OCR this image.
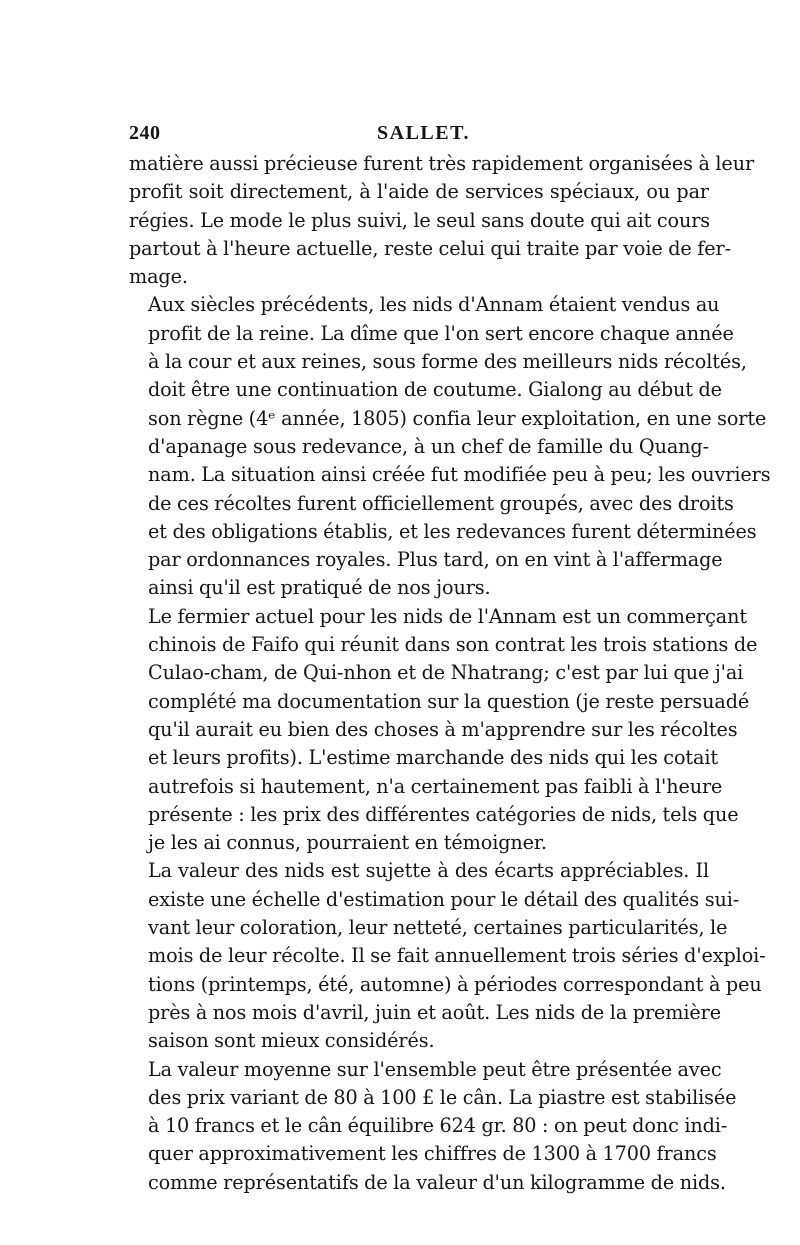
240	SALLET.

matière aussi précieuse furent très rapidement organisées à leur
profit soit directement, à l'aide de services spéciaux, ou par
régies. Le mode le plus suivi, le seul sans doute qui ait cours
partout à l'heure actuelle, reste celui qui traite par voie de fer-
mage.

Aux siècles précédents, les nids d'Annam étaient vendus au
profit de la reine. La dîme que l'on sert encore chaque année
à la cour et aux reines, sous forme des meilleurs nids récoltés,
doit être une continuation de coutume. Gialong au début de
son règne (4ᵉ année, 1805) confia leur exploitation, en une sorte
d'apanage sous redevance, à un chef de famille du Quang-
nam. La situation ainsi créée fut modifiée peu à peu; les ouvriers
de ces récoltes furent officiellement groupés, avec des droits
et des obligations établis, et les redevances furent déterminées
par ordonnances royales. Plus tard, on en vint à l'affermage
ainsi qu'il est pratiqué de nos jours.

Le fermier actuel pour les nids de l'Annam est un commerçant
chinois de Faifo qui réunit dans son contrat les trois stations de
Culao-cham, de Qui-nhon et de Nhatrang; c'est par lui que j'ai
complété ma documentation sur la question (je reste persuadé
qu'il aurait eu bien des choses à m'apprendre sur les récoltes
et leurs profits). L'estime marchande des nids qui les cotait
autrefois si hautement, n'a certainement pas faibli à l'heure
présente : les prix des différentes catégories de nids, tels que
je les ai connus, pourraient en témoigner.

La valeur des nids est sujette à des écarts appréciables. Il
existe une échelle d'estimation pour le détail des qualités sui-
vant leur coloration, leur netteté, certaines particularités, le
mois de leur récolte. Il se fait annuellement trois séries d'exploi-
tions (printemps, été, automne) à périodes correspondant à peu
près à nos mois d'avril, juin et août. Les nids de la première
saison sont mieux considérés.

La valeur moyenne sur l'ensemble peut être présentée avec
des prix variant de 80 à 100 £ le cân. La piastre est stabilisée
à 10 francs et le cân équilibre 624 gr. 80 : on peut donc indi-
quer approximativement les chiffres de 1300 à 1700 francs
comme représentatifs de la valeur d'un kilogramme de nids.
